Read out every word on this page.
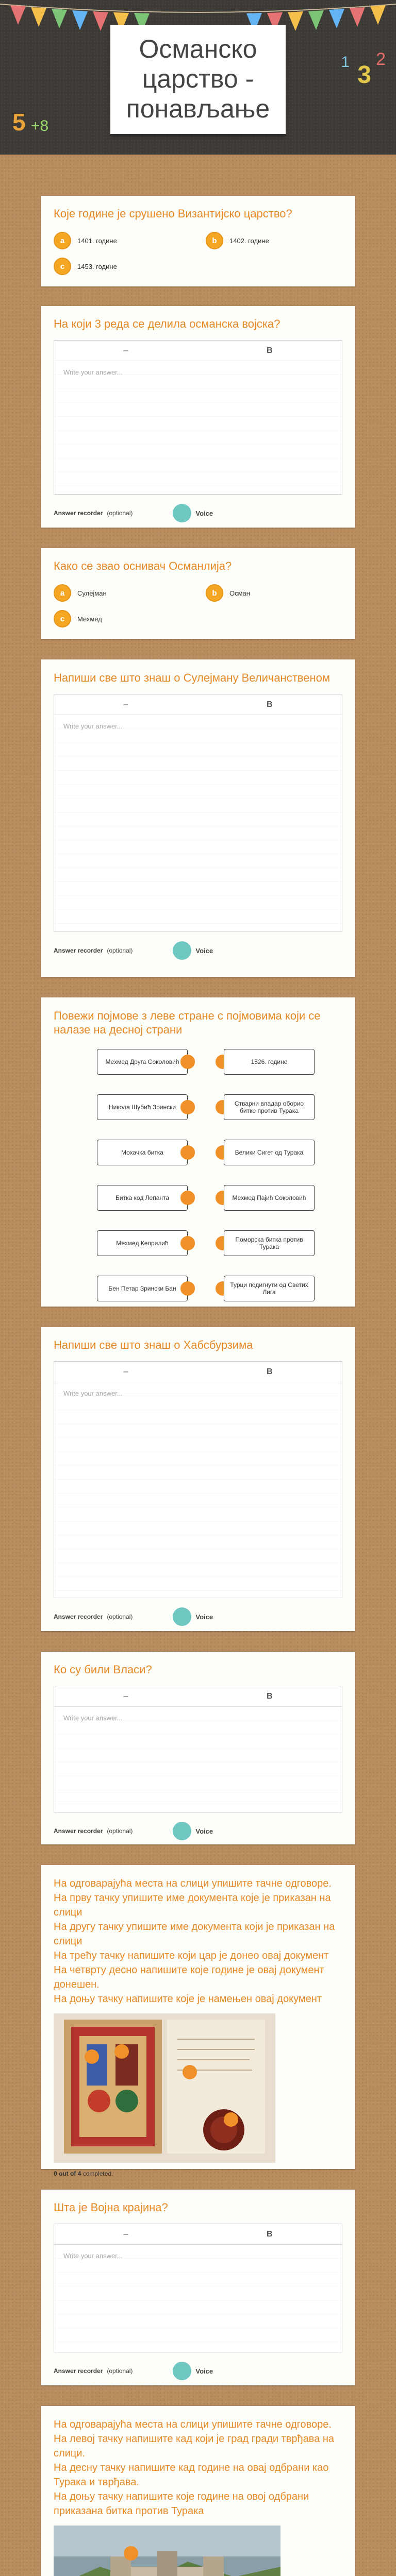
5 +8
3
1 2
Османско
царство -
понављање
Које године је срушено Византијско царство?
a	1401. године	b	1402. године
c	1453. године
На који 3 реда се делила османска војска?
–	B
Write your answer...
Answer recorder (optional)	Voice
Како се звао оснивач Османлија?
a	Сулејман	b	Осман
c	Мехмед
Напиши све што знаш о Сулејману Величанственом
–	B
Write your answer...
Answer recorder (optional)	Voice
Повежи појмове з леве стране с појмовима који се налазе на десној страни
Мехмед Друга Соколовић
Никола Шубић Зрински
Мохачка битка
Битка код Лепанта
Мехмед Кеприлић
Бен Петар Зрински Бан
1526. године
Стварни владар оборио битке против Турака
Велики Сигет од Турака
Мехмед Пајић Соколовић
Поморска битка против Турака
Турци подигнути од Светих Лига
Напиши све што знаш о Хабсбурзима
–	B
Write your answer...
Answer recorder (optional)	Voice
Ко су били Власи?
–	B
Write your answer...
Answer recorder (optional)	Voice
На одговарајућа места на слици упишите тачне одговоре.
На прву тачку упишите име документа које је приказан на слици
На другу тачку упишите име документа који је приказан на слици
На трећу тачку напишите који цар је донео овај документ
На четврту десно напишите које године је овај документ донешен.
На доњу тачку напишите које је намењен овај документ
0 out of 4 completed.
Шта је Војна крајина?
–	B
Write your answer...
Answer recorder (optional)	Voice
На одговарајућа места на слици упишите тачне одговоре.
На левој тачку напишите кад који је град гради тврђава на слици.
На десну тачку напишите кад године на овај одбрани као Турака и тврђава.
На доњу тачку напишите које године на овој одбрани приказана битка против Турака
